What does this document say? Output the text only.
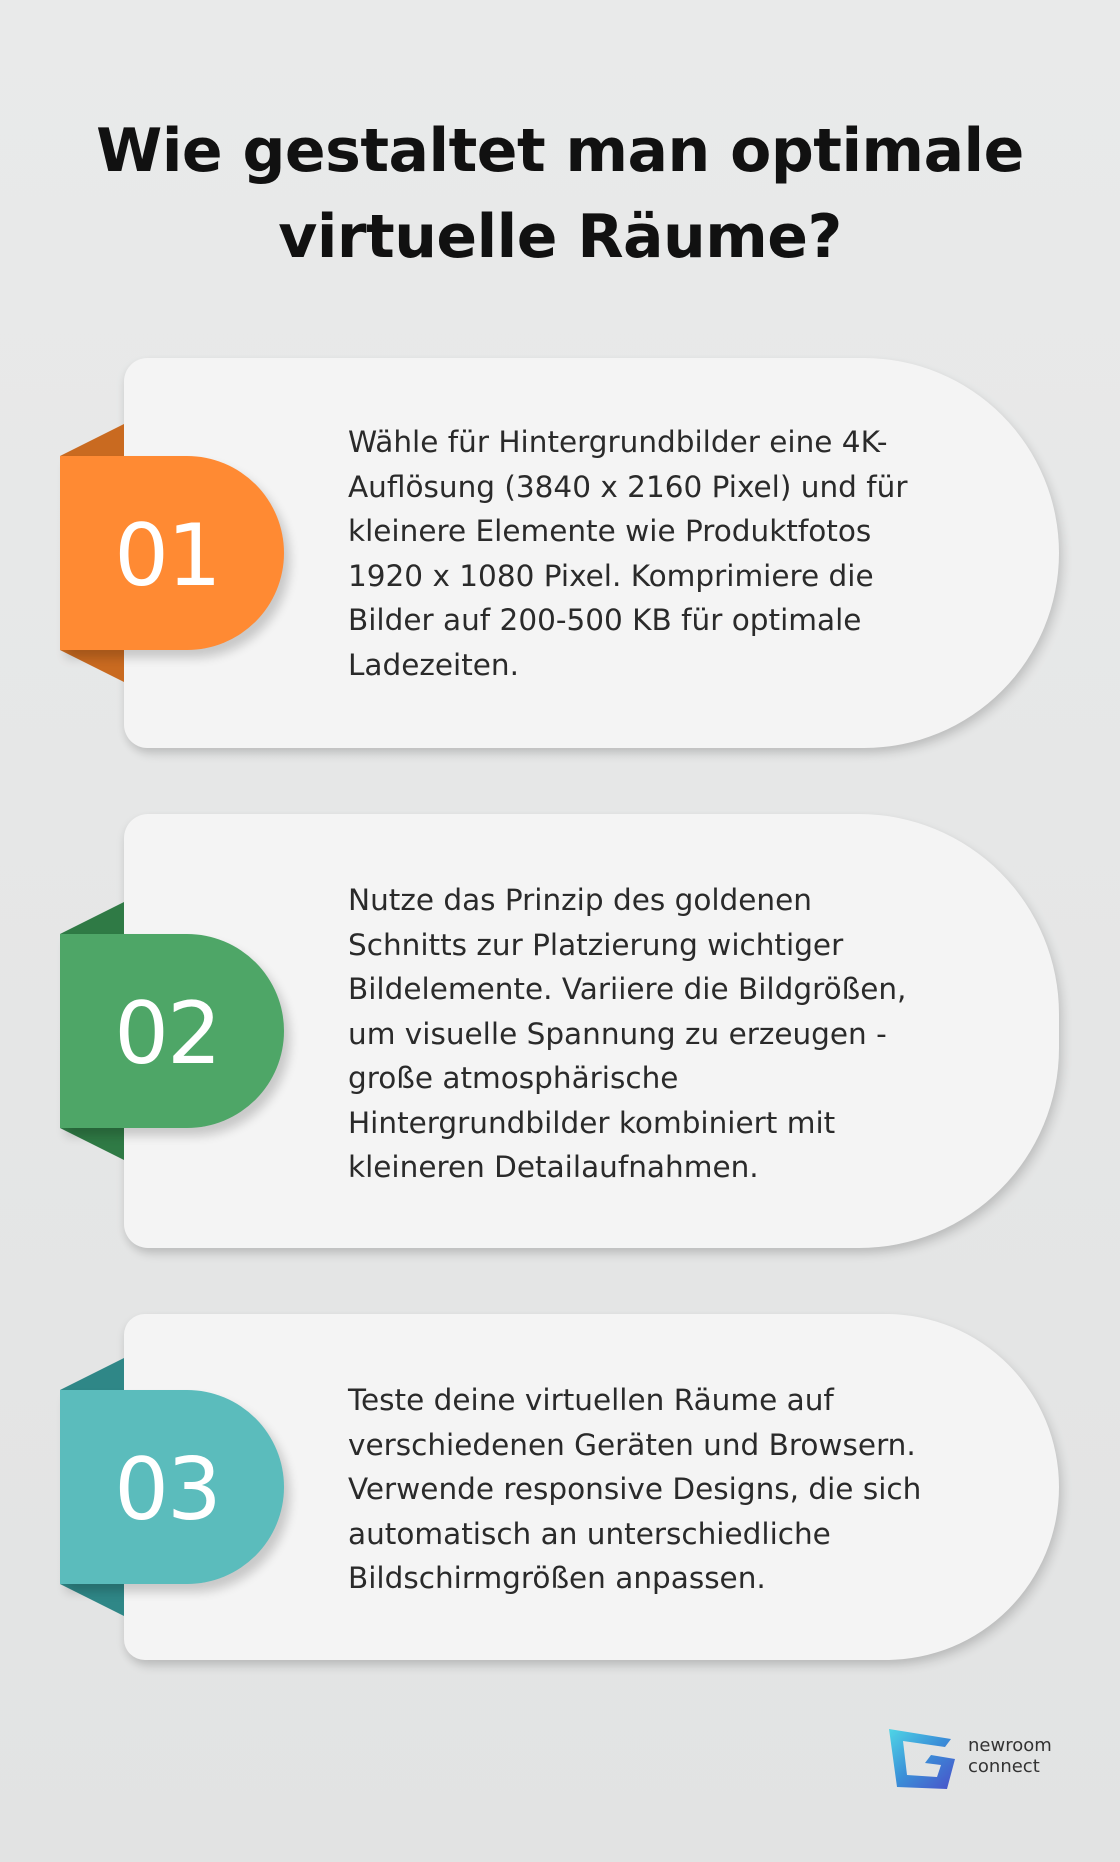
Wie gestaltet man optimale
virtuelle Räume?
01
Wähle für Hintergrundbilder eine 4K-
Auflösung (3840 x 2160 Pixel) und für
kleinere Elemente wie Produktfotos
1920 x 1080 Pixel. Komprimiere die
Bilder auf 200-500 KB für optimale
Ladezeiten.
02
Nutze das Prinzip des goldenen
Schnitts zur Platzierung wichtiger
Bildelemente. Variiere die Bildgrößen,
um visuelle Spannung zu erzeugen -
große atmosphärische
Hintergrundbilder kombiniert mit
kleineren Detailaufnahmen.
03
Teste deine virtuellen Räume auf
verschiedenen Geräten und Browsern.
Verwende responsive Designs, die sich
automatisch an unterschiedliche
Bildschirmgrößen anpassen.
newroom
connect
